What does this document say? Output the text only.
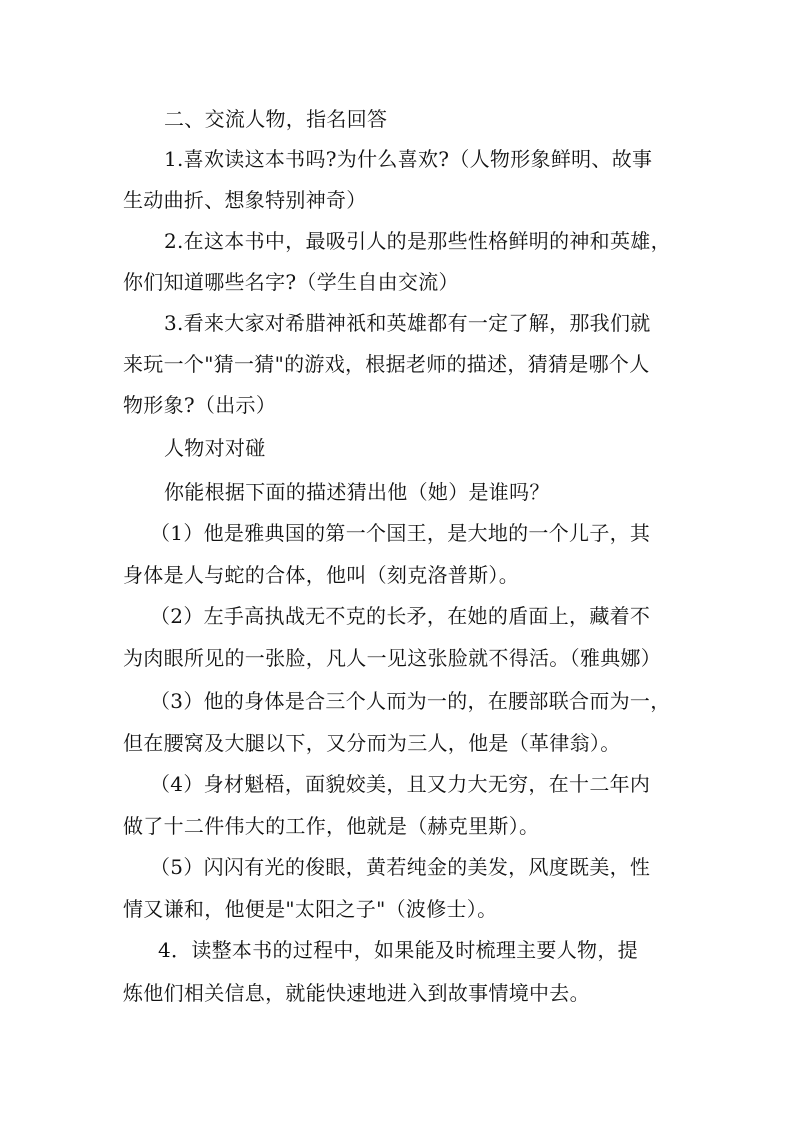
二、交流人物，指名回答
1.喜欢读这本书吗?为什么喜欢?（人物形象鲜明、故事
生动曲折、想象特别神奇）
2.在这本书中，最吸引人的是那些性格鲜明的神和英雄，
你们知道哪些名字?（学生自由交流）
3.看来大家对希腊神祇和英雄都有一定了解，那我们就
来玩一个"猜一猜"的游戏，根据老师的描述，猜猜是哪个人
物形象?（出示）
人物对对碰
你能根据下面的描述猜出他（她）是谁吗？
（1）他是雅典国的第一个国王，是大地的一个儿子，其
身体是人与蛇的合体，他叫（刻克洛普斯）。
（2）左手高执战无不克的长矛，在她的盾面上，藏着不
为肉眼所见的一张脸，凡人一见这张脸就不得活。（雅典娜）
（3）他的身体是合三个人而为一的，在腰部联合而为一，
但在腰窝及大腿以下，又分而为三人，他是（革律翁）。
（4）身材魁梧，面貌姣美，且又力大无穷，在十二年内
做了十二件伟大的工作，他就是（赫克里斯）。
（5）闪闪有光的俊眼，黄若纯金的美发，风度既美，性
情又谦和，他便是"太阳之子"（波修士）。
4．读整本书的过程中，如果能及时梳理主要人物，提
炼他们相关信息，就能快速地进入到故事情境中去。
